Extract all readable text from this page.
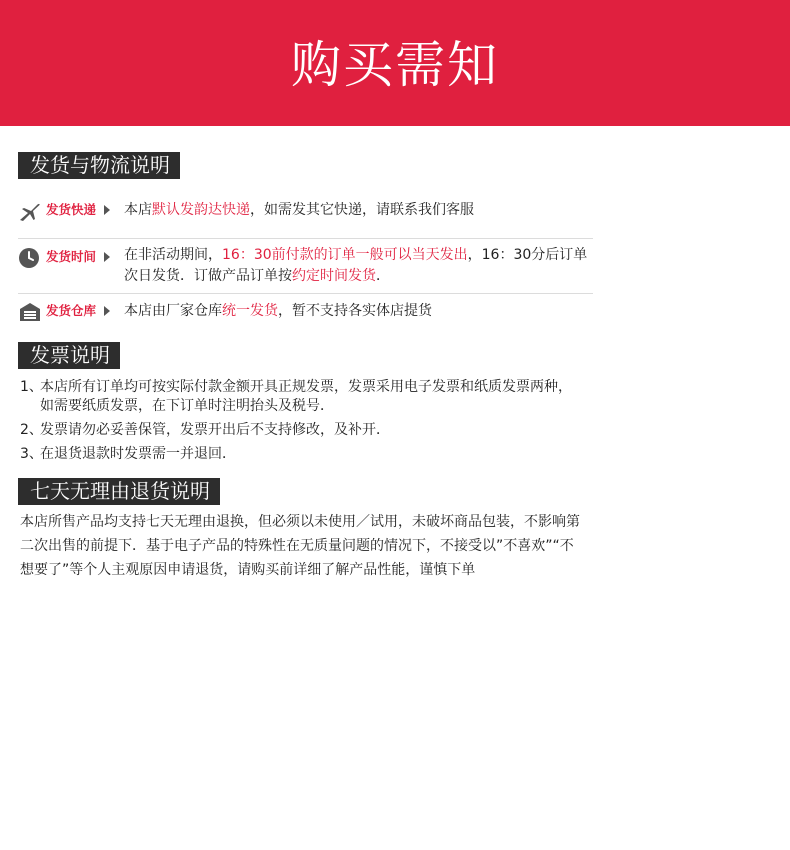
购买需知
发货与物流说明
发货快递 本店默认发韵达快递，如需发其它快递，请联系我们客服
发货时间 在非活动期间，16：30前付款的订单一般可以当天发出，16：30分后订单次日发货．订做产品订单按约定时间发货．
发货仓库 本店由厂家仓库统一发货，暂不支持各实体店提货
发票说明
1、
本店所有订单均可按实际付款金额开具正规发票，发票采用电子发票和纸质发票两种，如需要纸质发票，在下订单时注明抬头及税号．
2、
发票请勿必妥善保管，发票开出后不支持修改，及补开．
3、
在退货退款时发票需一并退回．
七天无理由退货说明
本店所售产品均支持七天无理由退换，但必须以未使用／试用，未破坏商品包装，不影响第二次出售的前提下．基于电子产品的特殊性在无质量问题的情况下，不接受以”不喜欢”“不想要了”等个人主观原因申请退货，请购买前详细了解产品性能，谨慎下单
